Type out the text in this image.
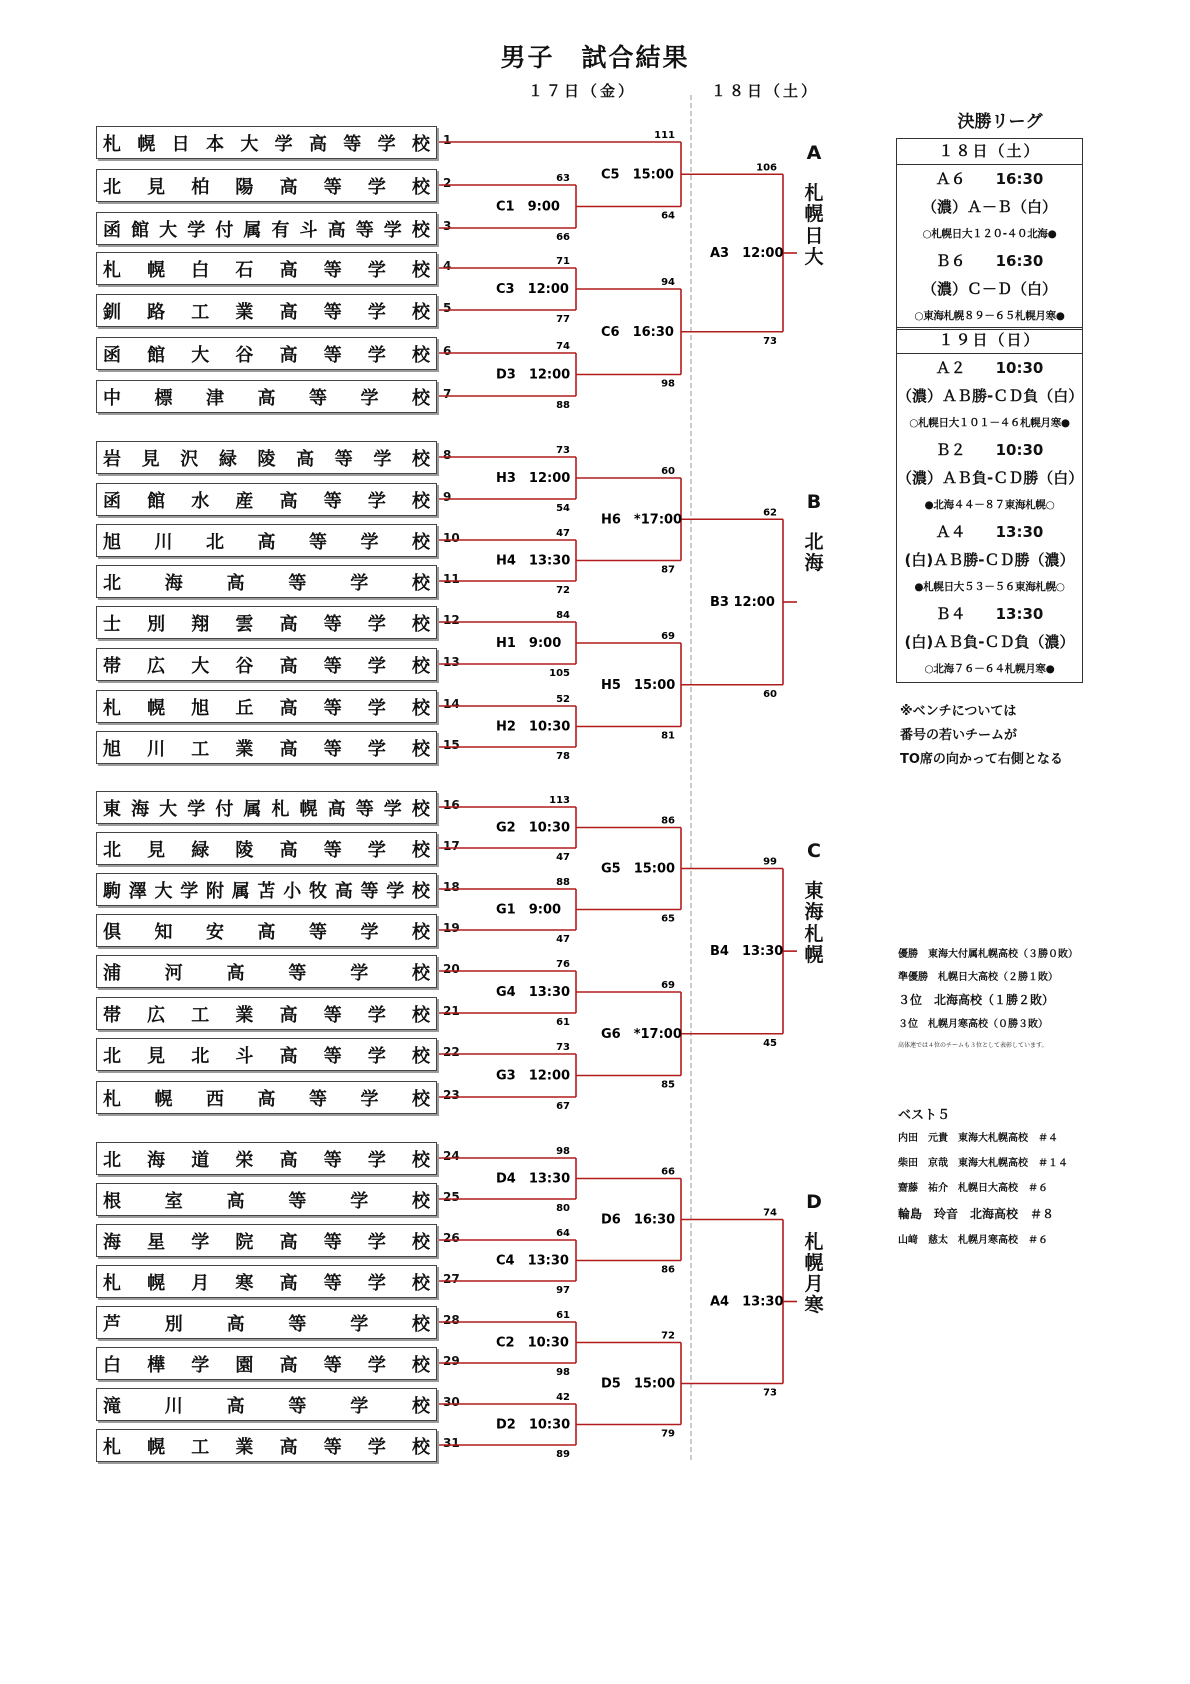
男子　試合結果
１７日（金）	１８日（土）
札 幌 日 本 大 学 高 等 学 校 1
北 見 柏 陽 高 等 学 校 2
函 館 大 学 付 属 有 斗 高 等 学 校 3
札 幌 白 石 高 等 学 校 4
釧 路 工 業 高 等 学 校 5
函 館 大 谷 高 等 学 校 6
中 標 津 高 等 学 校 7
岩 見 沢 緑 陵 高 等 学 校 8
函 館 水 産 高 等 学 校 9
旭 川 北 高 等 学 校 10
北 海 高 等 学 校 11
士 別 翔 雲 高 等 学 校 12
帯 広 大 谷 高 等 学 校 13
札 幌 旭 丘 高 等 学 校 14
旭 川 工 業 高 等 学 校 15
東 海 大 学 付 属 札 幌 高 等 学 校 16
北 見 緑 陵 高 等 学 校 17
駒 澤 大 学 附 属 苫 小 牧 高 等 学 校 18
倶 知 安 高 等 学 校 19
浦 河 高 等 学 校 20
帯 広 工 業 高 等 学 校 21
北 見 北 斗 高 等 学 校 22
札 幌 西 高 等 学 校 23
北 海 道 栄 高 等 学 校 24
根 室 高 等 学 校 25
海 星 学 院 高 等 学 校 26
札 幌 月 寒 高 等 学 校 27
芦 別 高 等 学 校 28
白 樺 学 園 高 等 学 校 29
滝 川 高 等 学 校 30
札 幌 工 業 高 等 学 校 31
63
66
C1　9:00
71
77
C3　12:00
74
88
D3　12:00
111
64
C5　15:00
94
98
C6　16:30
106
73
A3　12:00
73
54
H3　12:00
47
72
H4　13:30
84
105
H1　9:00
52
78
H2　10:30
60
87
H6　*17:00
69
81
H5　15:00
62
60
B3 12:00
113
47
G2　10:30
88
47
G1　9:00
76
61
G4　13:30
73
67
G3　12:00
86
65
G5　15:00
69
85
G6　*17:00
99
45
B4　13:30
98
80
D4　13:30
64
97
C4　13:30
61
98
C2　10:30
42
89
D2　10:30
66
86
D6　16:30
72
79
D5　15:00
74
73
A4　13:30
A
札
幌
日
大
B
北
海
C
東
海
札
幌
D
札
幌
月
寒
決勝リーグ
１８日（土）
Ａ６　　16:30
（濃）Ａ－Ｂ（白）
○札幌日大１２０-４０北海●
Ｂ６　　16:30
（濃）Ｃ－Ｄ（白）
○東海札幌８９－６５札幌月寒●
１９日（日）
Ａ２　　10:30
（濃）ＡＢ勝-ＣＤ負（白）
○札幌日大１０１－４６札幌月寒●
Ｂ２　　10:30
（濃）ＡＢ負-ＣＤ勝（白）
●北海４４－８７東海札幌○
Ａ４　　13:30
(白)ＡＢ勝-ＣＤ勝（濃）
●札幌日大５３－５６東海札幌○
Ｂ４　　13:30
(白)ＡＢ負-ＣＤ負（濃）
○北海７６－６４札幌月寒●
※ベンチについては
番号の若いチームが
TO席の向かって右側となる
優勝　 東海大付属札幌高校（３勝０敗）
準優勝　 札幌日大高校（２勝１敗）
３位　 北海高校（１勝２敗）
３位　 札幌月寒高校（０勝３敗）
高体連では４位のチームも３位として表彰しています。
ベスト５
内田　元貴　東海大札幌高校　＃４
柴田　京哉　東海大札幌高校　＃１４
齋藤　祐介　札幌日大高校　＃６
輪島　玲音　北海高校　＃８
山﨑　慈太　札幌月寒高校　＃６
